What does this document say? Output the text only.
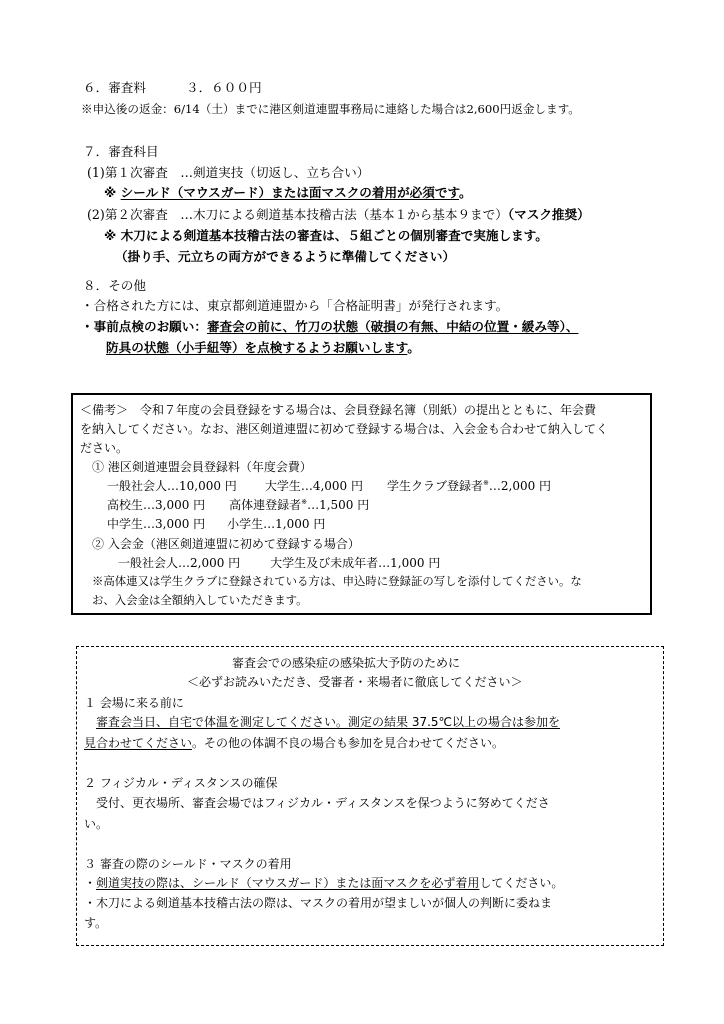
６．審査料	３．６００円
※申込後の返金：6/14（土）までに港区剣道連盟事務局に連絡した場合は2,600円返金します。
７．審査科目
(1)第１次審査　…剣道実技（切返し、立ち合い）
※ シールド（マウスガード）または面マスクの着用が必須です。
(2)第２次審査　…木刀による剣道基本技稽古法（基本１から基本９まで）（マスク推奨）
※ 木刀による剣道基本技稽古法の審査は、５組ごとの個別審査で実施します。
（掛り手、元立ちの両方ができるように準備してください）
８．その他
・合格された方には、東京都剣道連盟から「合格証明書」が発行されます。
・事前点検のお願い：審査会の前に、竹刀の状態（破損の有無、中結の位置・緩み等）、
防具の状態（小手紐等）を点検するようお願いします。
＜備考＞　令和７年度の会員登録をする場合は、会員登録名簿（別紙）の提出とともに、年会費
を納入してください。なお、港区剣道連盟に初めて登録する場合は、入会金も合わせて納入してく
ださい。
① 港区剣道連盟会員登録料（年度会費）
一般社会人…10,000 円 大学生…4,000 円 学生クラブ登録者※…2,000 円
高校生…3,000 円 高体連登録者※…1,500 円
中学生…3,000 円 小学生…1,000 円
② 入会金（港区剣道連盟に初めて登録する場合）
一般社会人…2,000 円	大学生及び未成年者…1,000 円
※高体連又は学生クラブに登録されている方は、申込時に登録証の写しを添付してください。な
お、入会金は全額納入していただきます。
審査会での感染症の感染拡大予防のために
＜必ずお読みいただき、受審者・来場者に徹底してください＞
１ 会場に来る前に
　審査会当日、自宅で体温を測定してください。測定の結果 37.5℃以上の場合は参加を
見合わせてください。その他の体調不良の場合も参加を見合わせてください。
２ フィジカル・ディスタンスの確保
　受付、更衣場所、審査会場ではフィジカル・ディスタンスを保つように努めてくださ
い。
３ 審査の際のシールド・マスクの着用
・剣道実技の際は、シールド（マウスガード）または面マスクを必ず着用してください。
・木刀による剣道基本技稽古法の際は、マスクの着用が望ましいが個人の判断に委ねま
す。
